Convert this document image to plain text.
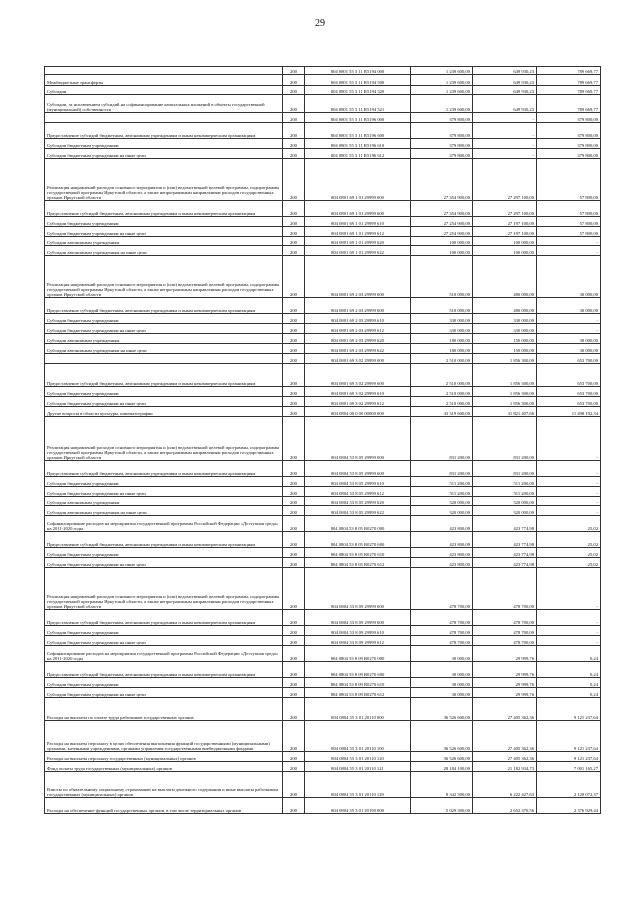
29
	200	804 0801 55 3 11 R5194 000	1 239 600,00	649 930,23	789 669,77
Межбюджетные трансферты	200	804 0801 55 3 11 R5194 500	1 239 600,00	649 930,23	789 669,77
Субсидии	200	804 0801 55 3 11 R5194 520	1 239 600,00	649 930,23	789 669,77
Субсидии, за исключением субсидий на софинансирование капитальных вложений в объекты государственной (муниципальной) собственности	200	804 0801 55 3 11 R5194 521	1 239 600,00	649 930,23	789 669,77
	200	804 0801 55 3 11 R5196 000	379 800,00	-	379 800,00
Предоставление субсидий бюджетным, автономным учреждениям и иным некоммерческим организациям	200	804 0801 55 3 11 R5196 600	379 800,00	-	379 800,00
Субсидии бюджетным учреждениям	200	804 0801 55 3 11 R5196 610	379 800,00	-	379 800,00
Субсидии бюджетным учреждениям на иные цели	200	804 0801 55 3 11 R5196 612	379 800,00	-	379 800,00
Реализация направлений расходов основного мероприятия и (или) ведомственной целевой программы, подпрограммы государственной программы Иркутской области, а также непрограммным направлениям расходов государственных органов Иркутской области	200	804 0801 69 1 01 29999 000	27 354 900,00	27 297 100,00	57 800,00
Предоставление субсидий бюджетным, автономным учреждениям и иным некоммерческим организациям	200	804 0801 69 1 01 29999 600	27 354 900,00	27 297 100,00	57 800,00
Субсидии бюджетным учреждениям	200	804 0801 69 1 01 29999 610	27 254 900,00	27 197 100,00	57 800,00
Субсидии бюджетным учреждениям на иные цели	200	804 0801 69 1 01 29999 612	27 254 900,00	27 197 100,00	57 800,00
Субсидии автономным учреждениям	200	804 0801 69 1 01 29999 620	100 000,00	100 000,00	-
Субсидии автономным учреждениям на иные цели	200	804 0801 69 1 01 29999 622	100 000,00	100 000,00	-
Реализация направлений расходов основного мероприятия и (или) ведомственной целевой программы, подпрограммы государственной программы Иркутской области, а также непрограммным направлениям расходов государственных органов Иркутской области	200	804 0801 69 2 03 29999 000	510 000,00	480 000,00	30 000,00
Предоставление субсидий бюджетным, автономным учреждениям и иным некоммерческим организациям	200	804 0801 69 2 03 29999 600	510 000,00	480 000,00	30 000,00
Субсидии бюджетным учреждениям	200	804 0801 69 2 03 29999 610	330 000,00	330 000,00	-
Субсидии бюджетным учреждениям на иные цели	200	804 0801 69 2 03 29999 612	330 000,00	330 000,00	-
Субсидии автономным учреждениям	200	804 0801 69 2 03 29999 620	180 000,00	150 000,00	30 000,00
Субсидии автономным учреждениям на иные цели	200	804 0801 69 2 03 29999 622	180 000,00	150 000,00	30 000,00
	200	804 0801 69 3 02 29999 000	2 510 000,00	1 856 300,00	653 700,00
Предоставление субсидий бюджетным, автономным учреждениям и иным некоммерческим организациям	200	804 0801 69 3 02 29999 600	2 510 000,00	1 856 300,00	653 700,00
Субсидии бюджетным учреждениям	200	804 0801 69 3 02 29999 610	2 510 000,00	1 856 300,00	653 700,00
Субсидии бюджетным учреждениям на иные цели	200	804 0801 69 3 02 29999 612	2 510 000,00	1 856 300,00	653 700,00
Другие вопросы в области культуры, кинематографии	200	804 0804 00 0 00 00000 000	43 319 600,00	31 821 407,66	11 498 192,34
Реализация направлений расходов основного мероприятия и (или) ведомственной целевой программы, подпрограммы государственной программы Иркутской области, а также непрограммным направлениям расходов государственных органов Иркутской области	200	804 0804 53 8 05 29999 000	831 200,00	831 200,00	-
Предоставление субсидий бюджетным, автономным учреждениям и иным некоммерческим организациям	200	804 0804 53 8 05 29999 600	831 200,00	831 200,00	-
Субсидии бюджетным учреждениям	200	804 0804 53 8 05 29999 610	511 200,00	511 200,00	-
Субсидии бюджетным учреждениям на иные цели	200	804 0804 53 8 05 29999 612	511 200,00	511 200,00	-
Субсидии автономным учреждениям	200	804 0804 53 8 05 29999 620	320 000,00	320 000,00	-
Субсидии автономным учреждениям на иные цели	200	804 0804 53 8 05 29999 622	320 000,00	320 000,00	-
Софинансирование расходов на мероприятия государственной программы Российской Федерации «Доступная среда» на 2011-2020 годы	200	804 0804 53 8 05 R0270 000	423 800,00	423 774,98	25,02
Предоставление субсидий бюджетным, автономным учреждениям и иным некоммерческим организациям	200	804 0804 53 8 05 R0270 600	423 800,00	423 774,98	25,02
Субсидии бюджетным учреждениям	200	804 0804 53 8 05 R0270 610	423 800,00	423 774,98	25,02
Субсидии бюджетным учреждениям на иные цели	200	804 0804 53 8 05 R0270 612	423 800,00	423 774,98	25,02
Реализация направлений расходов основного мероприятия и (или) ведомственной целевой программы, подпрограммы государственной программы Иркутской области, а также непрограммным направлениям расходов государственных органов Иркутской области	200	804 0804 53 8 09 29999 000	478 700,00	478 700,00	-
Предоставление субсидий бюджетным, автономным учреждениям и иным некоммерческим организациям	200	804 0804 53 8 09 29999 600	478 700,00	478 700,00	-
Субсидии бюджетным учреждениям	200	804 0804 53 8 09 29999 610	478 700,00	478 700,00	-
Субсидии бюджетным учреждениям на иные цели	200	804 0804 53 8 09 29999 612	478 700,00	478 700,00	-
Софинансирование расходов на мероприятия государственной программы Российской Федерации «Доступная среда» на 2011-2020 годы	200	804 0804 53 8 09 R0270 000	30 000,00	29 999,76	0,24
Предоставление субсидий бюджетным, автономным учреждениям и иным некоммерческим организациям	200	804 0804 53 8 09 R0270 600	30 000,00	29 999,76	0,24
Субсидии бюджетным учреждениям	200	804 0804 53 8 09 R0270 610	30 000,00	29 999,76	0,24
Субсидии бюджетным учреждениям на иные цели	200	804 0804 53 8 09 R0270 612	30 000,00	29 999,76	0,24
Расходы на выплаты по оплате труда работников государственных органов	200	804 0804 55 3 01 20110 000	36 526 600,00	27 405 362,36	9 121 237,64
Расходы на выплаты персоналу в целях обеспечения выполнения функций государственными (муниципальными) органами, казенными учреждениями, органами управления государственными внебюджетными фондами	200	804 0804 55 3 01 20110 100	36 526 600,00	27 405 362,36	9 121 237,64
Расходы на выплаты персоналу государственных (муниципальных) органов	200	804 0804 55 3 01 20110 120	36 526 600,00	27 405 362,36	9 121 237,64
Фонд оплаты труда государственных (муниципальных) органов	200	804 0804 55 3 01 20110 121	28 184 100,00	21 182 934,73	7 001 165,27
Взносы по обязательному социальному страхованию на выплаты денежного содержания и иные выплаты работникам государственных (муниципальных) органов	200	804 0804 55 3 01 20110 129	8 342 500,00	6 222 427,63	2 120 072,37
Расходы на обеспечение функций государственных органов, в том числе территориальных органов	200	804 0804 55 3 01 20190 000	5 029 300,00	2 652 370,56	2 376 929,44
